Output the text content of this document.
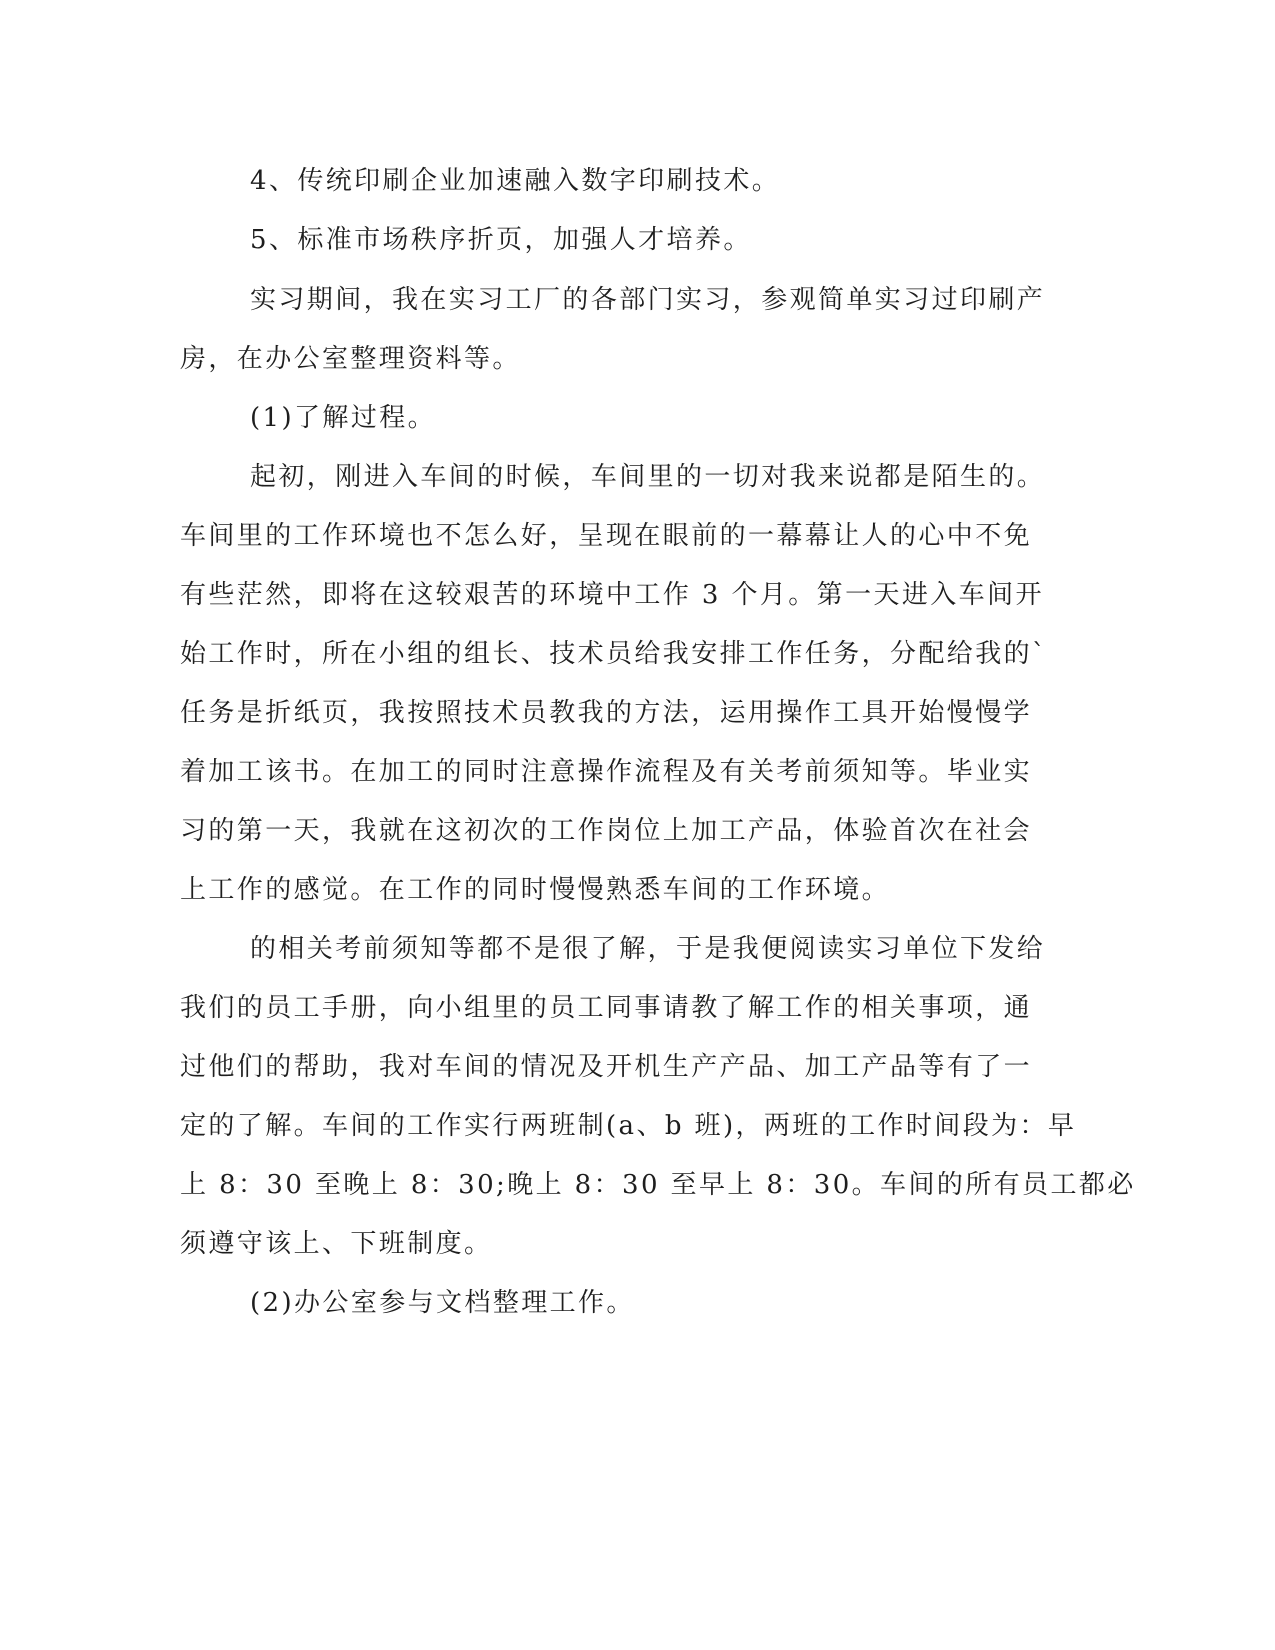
4、传统印刷企业加速融入数字印刷技术。

5、标准市场秩序折页，加强人才培养。

实习期间，我在实习工厂的各部门实习，参观简单实习过印刷产

房，在办公室整理资料等。

(1)了解过程。

起初，刚进入车间的时候，车间里的一切对我来说都是陌生的。

车间里的工作环境也不怎么好，呈现在眼前的一幕幕让人的心中不免

有些茫然，即将在这较艰苦的环境中工作 3 个月。第一天进入车间开

始工作时，所在小组的组长、技术员给我安排工作任务，分配给我的`

任务是折纸页，我按照技术员教我的方法，运用操作工具开始慢慢学

着加工该书。在加工的同时注意操作流程及有关考前须知等。毕业实

习的第一天，我就在这初次的工作岗位上加工产品，体验首次在社会

上工作的感觉。在工作的同时慢慢熟悉车间的工作环境。

的相关考前须知等都不是很了解，于是我便阅读实习单位下发给

我们的员工手册，向小组里的员工同事请教了解工作的相关事项，通

过他们的帮助，我对车间的情况及开机生产产品、加工产品等有了一

定的了解。车间的工作实行两班制(a、b 班)，两班的工作时间段为：早

上 8：30 至晚上 8：30;晚上 8：30 至早上 8：30。车间的所有员工都必

须遵守该上、下班制度。

(2)办公室参与文档整理工作。
